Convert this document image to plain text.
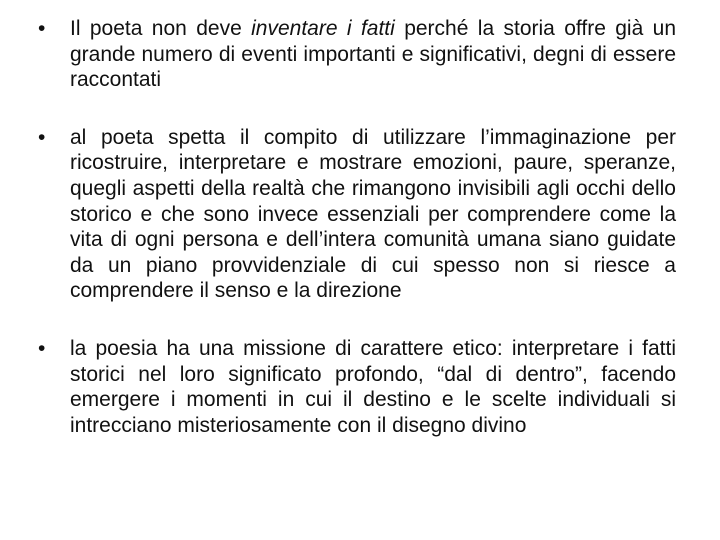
•	Il poeta non deve inventare i fatti perché la storia offre già un grande numero di eventi importanti e significativi, degni di essere raccontati
•	al poeta spetta il compito di utilizzare l’immaginazione per ricostruire, interpretare e mostrare emozioni, paure, speranze, quegli aspetti della realtà che rimangono invisibili agli occhi dello storico e che sono invece essenziali per comprendere come la vita di ogni persona e dell’intera comunità umana siano guidate da un piano provvidenziale di cui spesso non si riesce a comprendere il senso e la direzione
•	la poesia ha una missione di carattere etico: interpretare i fatti storici nel loro significato profondo, “dal di dentro”, facendo emergere i momenti in cui il destino e le scelte individuali si intrecciano misteriosamente con il disegno divino
